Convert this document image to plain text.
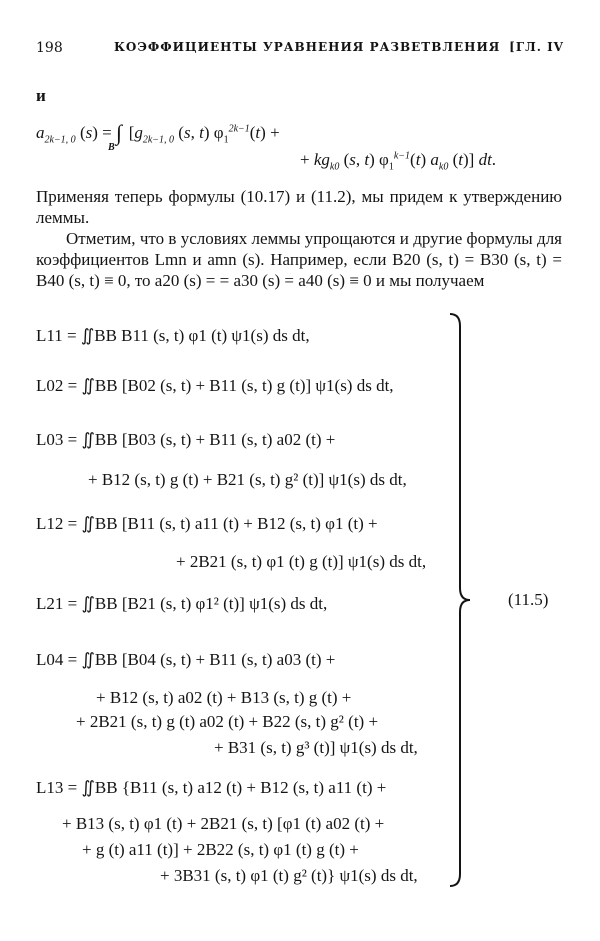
198	КОЭФФИЦИЕНТЫ УРАВНЕНИЯ РАЗВЕТВЛЕНИЯ [ГЛ. IV
и
$a_{2k-1, 0}$ $(s) = \int_B[g_{2k-1, 0}$ (s, t) $\varphi_1^{2k-1}(t)$ +
+ $kg_{k0}$ (s, t) $\varphi_1^{k-1}(t)$ $a_{k0}$ (t)] dt.
Применяя теперь формулы (10.17) и (11.2), мы придем к утверждению леммы.
Отметим, что в условиях леммы упрощаются и другие формулы для коэффициентов Lmn и amn (s). Например, если B20 (s, t) = B30 (s, t) = B40 (s, t) ≡ 0, то a20 (s) = = a30 (s) = a40 (s) ≡ 0 и мы получаем
L11 = ∬BB B11 (s, t) φ1 (t) ψ1(s) ds dt,
L02 = ∬BB [B02 (s, t) + B11 (s, t) g (t)] ψ1(s) ds dt,
L03 = ∬BB [B03 (s, t) + B11 (s, t) a02 (t) +
+ B12 (s, t) g (t) + B21 (s, t) g² (t)] ψ1(s) ds dt,
L12 = ∬BB [B11 (s, t) a11 (t) + B12 (s, t) φ1 (t) +
+ 2B21 (s, t) φ1 (t) g (t)] ψ1(s) ds dt,
L21 = ∬BB [B21 (s, t) φ1² (t)] ψ1(s) ds dt,
L04 = ∬BB [B04 (s, t) + B11 (s, t) a03 (t) +
+ B12 (s, t) a02 (t) + B13 (s, t) g (t) +
+ 2B21 (s, t) g (t) a02 (t) + B22 (s, t) g² (t) +
+ B31 (s, t) g³ (t)] ψ1(s) ds dt,
L13 = ∬BB {B11 (s, t) a12 (t) + B12 (s, t) a11 (t) +
+ B13 (s, t) φ1 (t) + 2B21 (s, t) [φ1 (t) a02 (t) +
+ g (t) a11 (t)] + 2B22 (s, t) φ1 (t) g (t) +
+ 3B31 (s, t) φ1 (t) g² (t)} ψ1(s) ds dt,
(11.5)
